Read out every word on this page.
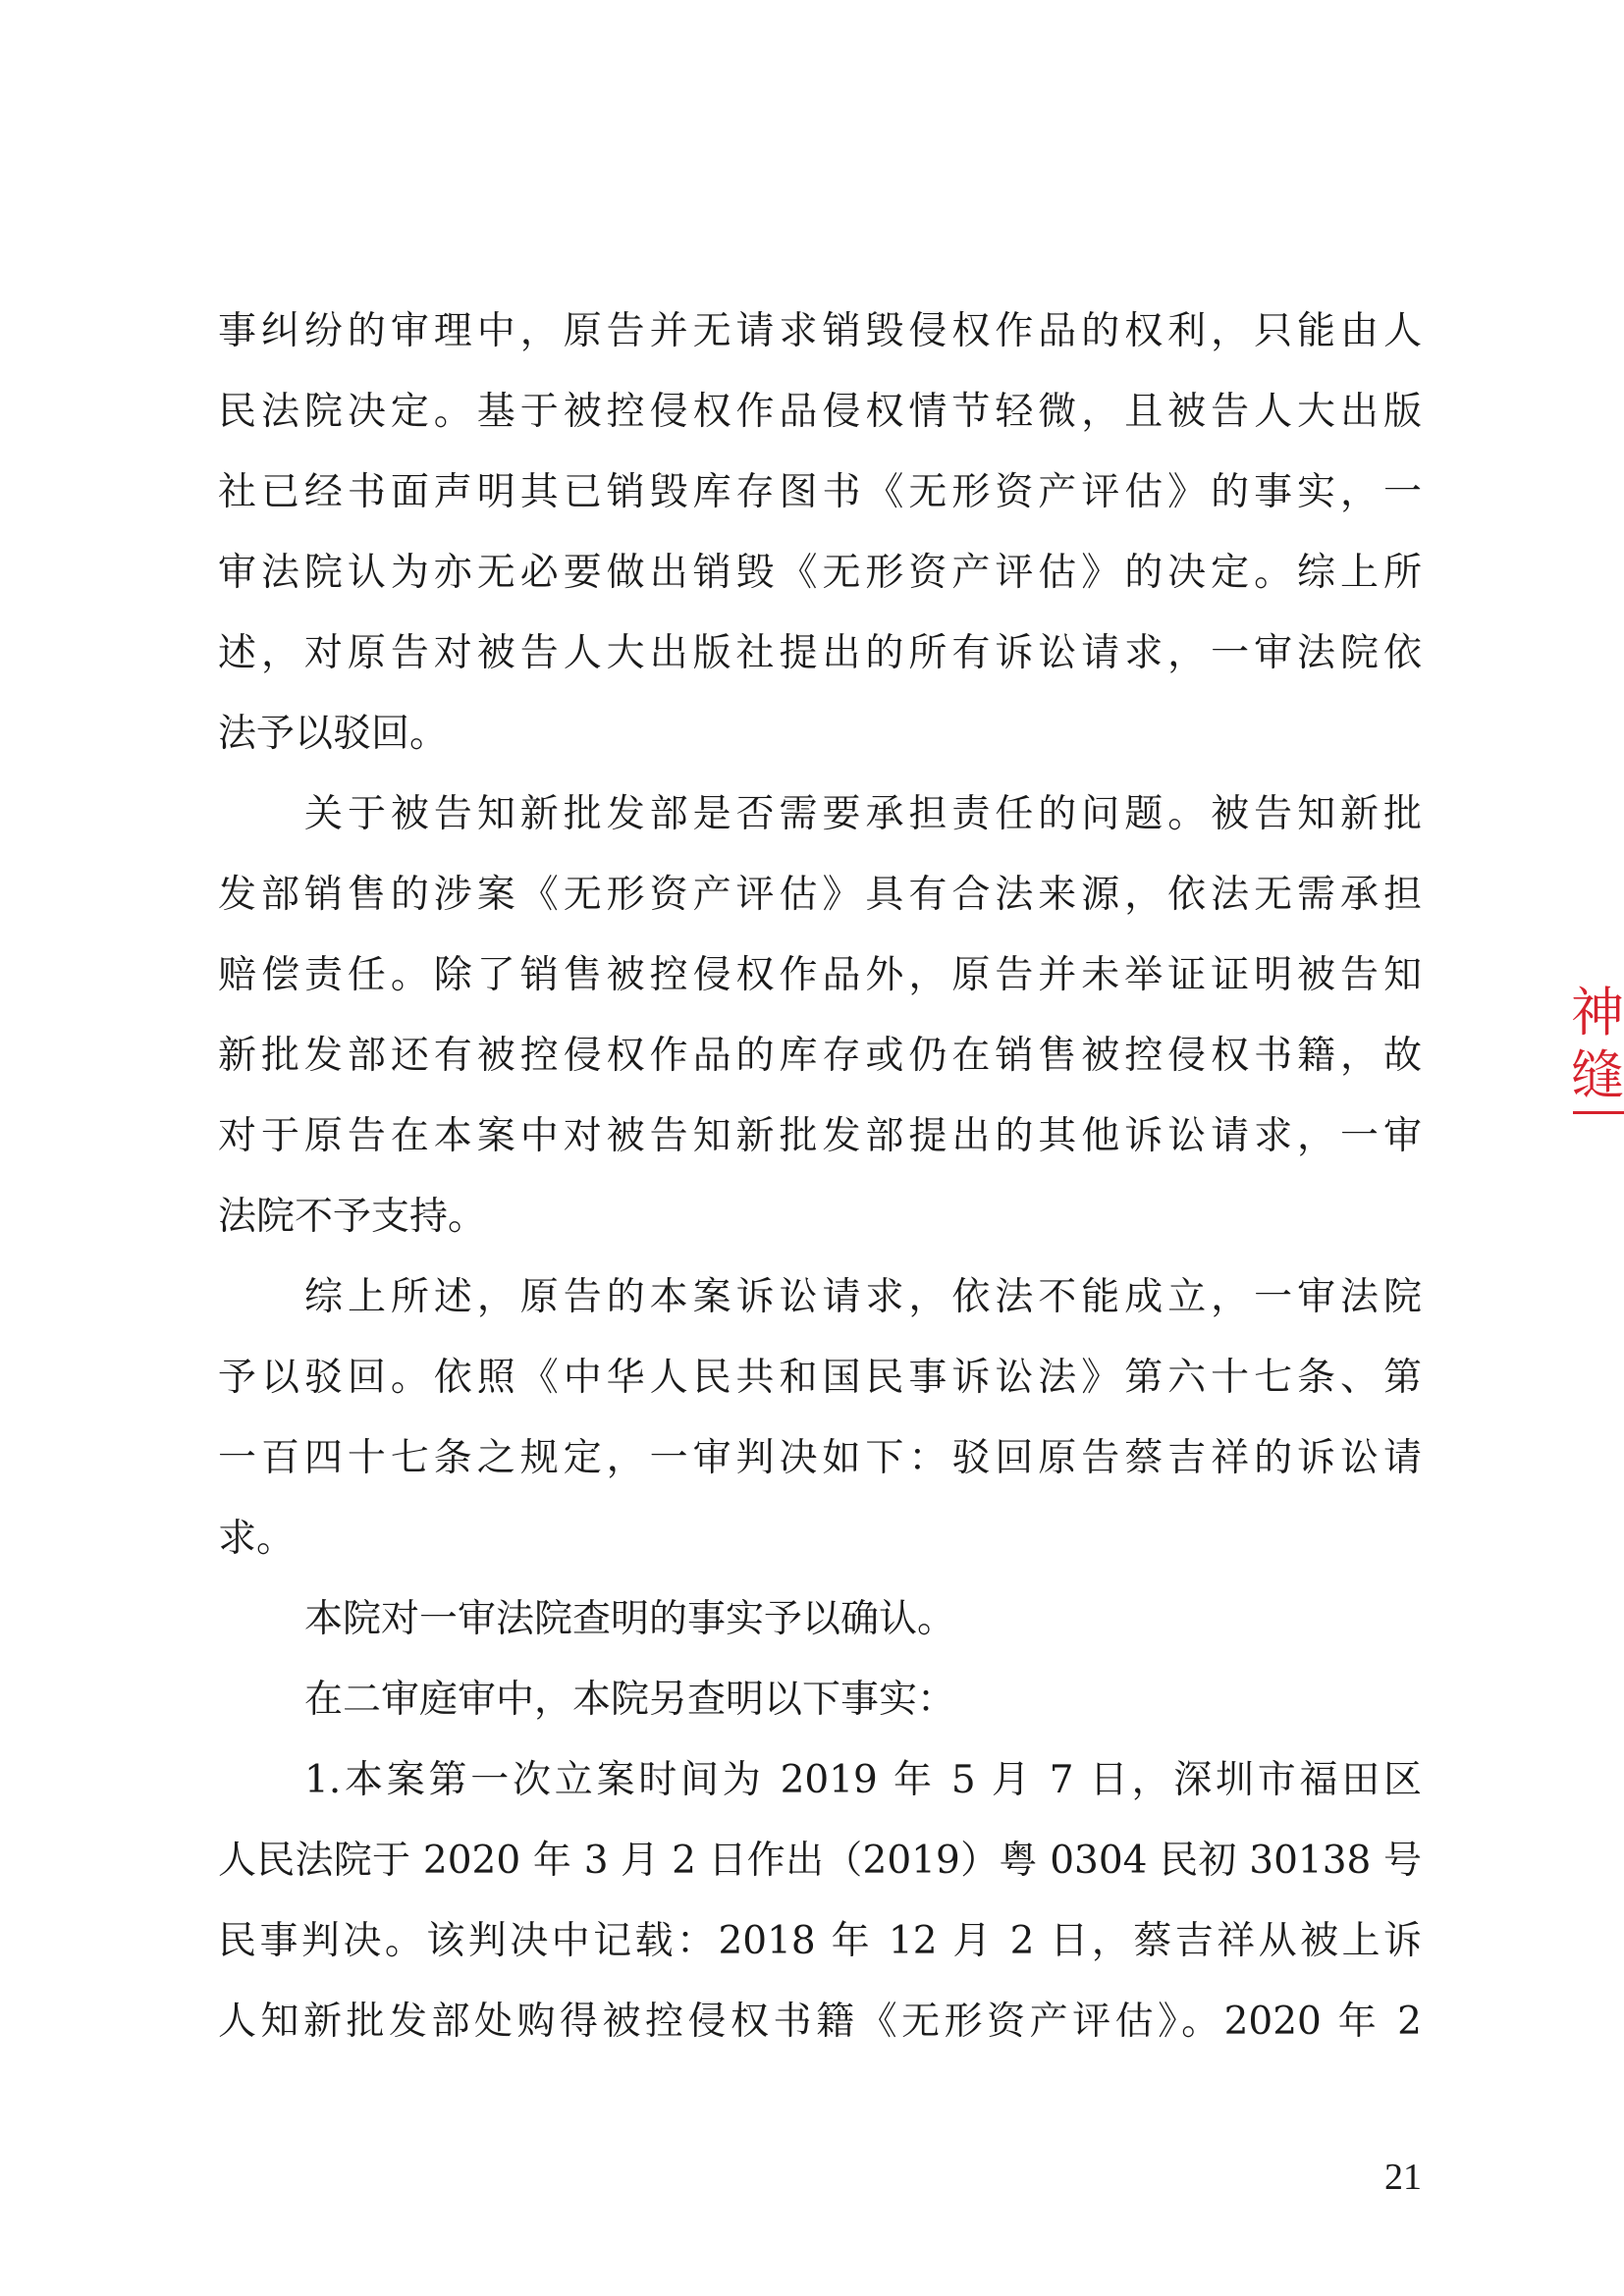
事纠纷的审理中，原告并无请求销毁侵权作品的权利，只能由人
民法院决定。基于被控侵权作品侵权情节轻微，且被告人大出版
社已经书面声明其已销毁库存图书《无形资产评估》的事实，一
审法院认为亦无必要做出销毁《无形资产评估》的决定。综上所
述，对原告对被告人大出版社提出的所有诉讼请求，一审法院依
法予以驳回。
关于被告知新批发部是否需要承担责任的问题。被告知新批
发部销售的涉案《无形资产评估》具有合法来源，依法无需承担
赔偿责任。除了销售被控侵权作品外，原告并未举证证明被告知
新批发部还有被控侵权作品的库存或仍在销售被控侵权书籍，故
对于原告在本案中对被告知新批发部提出的其他诉讼请求，一审
法院不予支持。
综上所述，原告的本案诉讼请求，依法不能成立，一审法院
予以驳回。依照《中华人民共和国民事诉讼法》第六十七条、第
一百四十七条之规定，一审判决如下：驳回原告蔡吉祥的诉讼请
求。
本院对一审法院查明的事实予以确认。
在二审庭审中，本院另查明以下事实：
1.本案第一次立案时间为 2019 年 5 月 7 日，深圳市福田区
人民法院于 2020 年 3 月 2 日作出（2019）粤 0304 民初 30138 号
民事判决。该判决中记载：2018 年 12 月 2 日，蔡吉祥从被上诉
人知新批发部处购得被控侵权书籍《无形资产评估》。2020 年 2
神缝
21
